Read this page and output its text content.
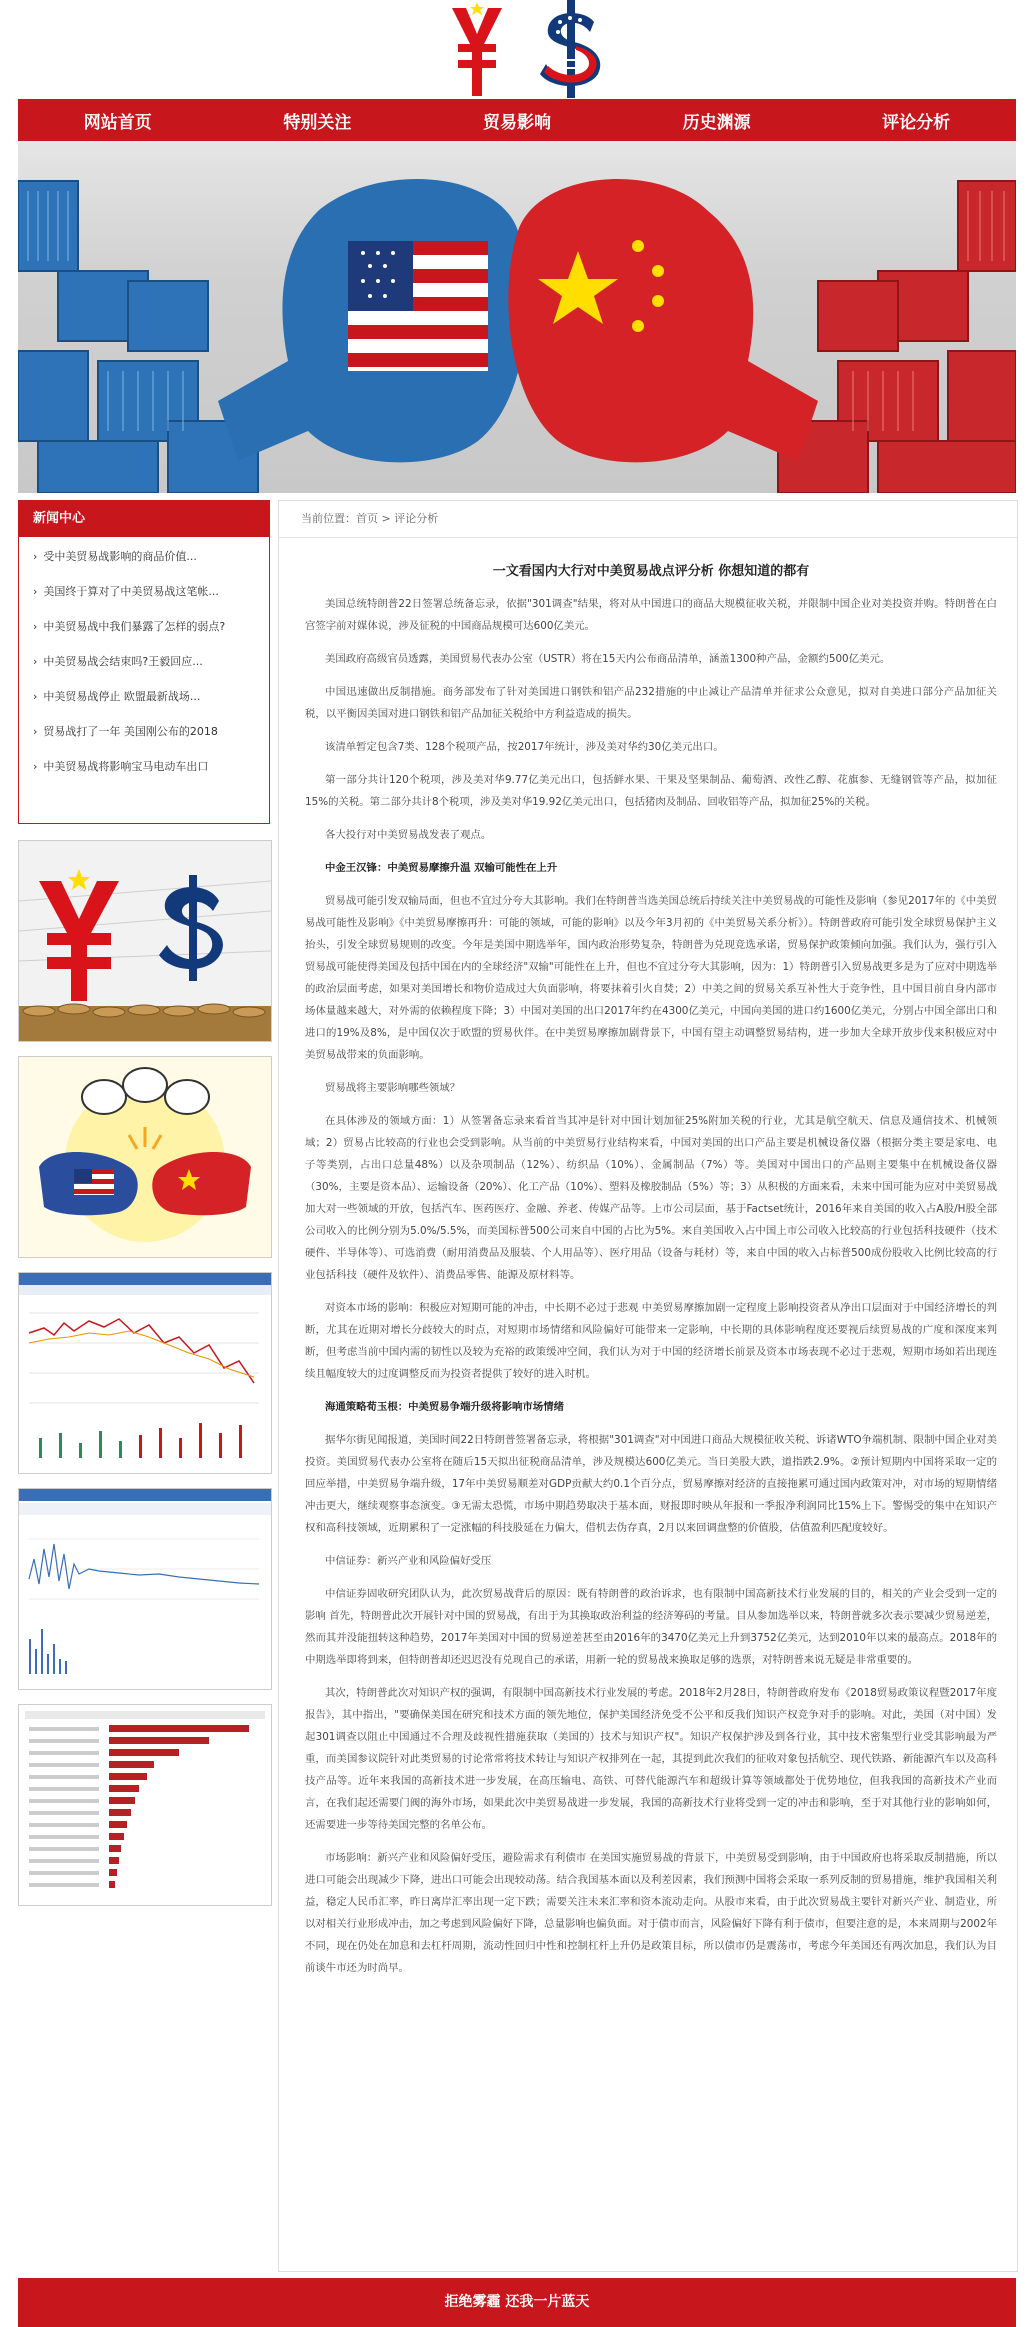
网站首页	特别关注	贸易影响	历史渊源	评论分析
新闻中心
› 受中美贸易战影响的商品价值...
› 美国终于算对了中美贸易战这笔帐...
› 中美贸易战中我们暴露了怎样的弱点?
› 中美贸易战会结束吗?王毅回应...
› 中美贸易战停止 欧盟最新战场...
› 贸易战打了一年 美国刚公布的2018
› 中美贸易战将影响宝马电动车出口
当前位置：首页 > 评论分析
一文看国内大行对中美贸易战点评分析 你想知道的都有

美国总统特朗普22日签署总统备忘录，依据"301调查"结果，将对从中国进口的商品大规模征收关税，并限制中国企业对美投资并购。特朗普在白宫签字前对媒体说，涉及征税的中国商品规模可达600亿美元。

美国政府高级官员透露，美国贸易代表办公室（USTR）将在15天内公布商品清单，涵盖1300种产品，金额约500亿美元。

中国迅速做出反制措施。商务部发布了针对美国进口钢铁和铝产品232措施的中止减让产品清单并征求公众意见，拟对自美进口部分产品加征关税，以平衡因美国对进口钢铁和铝产品加征关税给中方利益造成的损失。

该清单暂定包含7类、128个税项产品，按2017年统计，涉及美对华约30亿美元出口。

第一部分共计120个税项，涉及美对华9.77亿美元出口，包括鲜水果、干果及坚果制品、葡萄酒、改性乙醇、花旗参、无缝钢管等产品，拟加征15%的关税。第二部分共计8个税项，涉及美对华19.92亿美元出口，包括猪肉及制品、回收铝等产品，拟加征25%的关税。

各大投行对中美贸易战发表了观点。

中金王汉锋：中美贸易摩擦升温 双输可能性在上升

贸易战可能引发双输局面，但也不宜过分夸大其影响。我们在特朗普当选美国总统后持续关注中美贸易战的可能性及影响（参见2017年的《中美贸易战可能性及影响》《中美贸易摩擦再升：可能的领域，可能的影响》以及今年3月初的《中美贸易关系分析》）。特朗普政府可能引发全球贸易保护主义抬头，引发全球贸易规则的改变。今年是美国中期选举年，国内政治形势复杂，特朗普为兑现竞选承诺，贸易保护政策倾向加强。我们认为，强行引入贸易战可能使得美国及包括中国在内的全球经济"双输"可能性在上升，但也不宜过分夸大其影响，因为：1）特朗普引入贸易战更多是为了应对中期选举的政治层面考虑，如果对美国增长和物价造成过大负面影响，将要抹着引火自焚；2）中美之间的贸易关系互补性大于竞争性，且中国目前自身内部市场体量越来越大，对外需的依赖程度下降；3）中国对美国的出口2017年约在4300亿美元，中国向美国的进口约1600亿美元，分别占中国全部出口和进口的19%及8%，是中国仅次于欧盟的贸易伙伴。在中美贸易摩擦加剧背景下，中国有望主动调整贸易结构，进一步加大全球开放步伐来积极应对中美贸易战带来的负面影响。

贸易战将主要影响哪些领域？

在具体涉及的领域方面：1）从签署备忘录来看首当其冲是针对中国计划加征25%附加关税的行业，尤其是航空航天、信息及通信技术、机械领域；2）贸易占比较高的行业也会受到影响。从当前的中美贸易行业结构来看，中国对美国的出口产品主要是机械设备仪器（根据分类主要是家电、电子等类别，占出口总量48%）以及杂项制品（12%）、纺织品（10%）、金属制品（7%）等。美国对中国出口的产品则主要集中在机械设备仪器（30%，主要是资本品）、运输设备（20%）、化工产品（10%）、塑料及橡胶制品（5%）等；3）从积极的方面来看，未来中国可能为应对中美贸易战加大对一些领域的开放，包括汽车、医药医疗、金融、养老、传媒产品等。上市公司层面，基于Factset统计，2016年来自美国的收入占A股/H股全部公司收入的比例分别为5.0%/5.5%，而美国标普500公司来自中国的占比为5%。来自美国收入占中国上市公司收入比较高的行业包括科技硬件（技术硬件、半导体等）、可选消费（耐用消费品及服装、个人用品等）、医疗用品（设备与耗材）等，来自中国的收入占标普500成份股收入比例比较高的行业包括科技（硬件及软件）、消费品零售、能源及原材料等。

对资本市场的影响：积极应对短期可能的冲击，中长期不必过于悲观 中美贸易摩擦加剧一定程度上影响投资者从净出口层面对于中国经济增长的判断，尤其在近期对增长分歧较大的时点，对短期市场情绪和风险偏好可能带来一定影响，中长期的具体影响程度还要视后续贸易战的广度和深度来判断，但考虑当前中国内需的韧性以及较为充裕的政策缓冲空间，我们认为对于中国的经济增长前景及资本市场表现不必过于悲观，短期市场如若出现连续且幅度较大的过度调整反而为投资者提供了较好的进入时机。

海通策略荀玉根：中美贸易争端升级将影响市场情绪

据华尔街见闻报道，美国时间22日特朗普签署备忘录，将根据"301调查"对中国进口商品大规模征收关税、诉诸WTO争端机制、限制中国企业对美投资。美国贸易代表办公室将在随后15天拟出征税商品清单，涉及规模达600亿美元。当日美股大跌，道指跌2.9%。②预计短期内中国将采取一定的回应举措，中美贸易争端升级，17年中美贸易顺差对GDP贡献大约0.1个百分点，贸易摩擦对经济的直接拖累可通过国内政策对冲，对市场的短期情绪冲击更大，继续观察事态演变。③无需太恐慌，市场中期趋势取决于基本面，财报即时映从年报和一季报净利润同比15%上下。警惕受的集中在知识产权和高科技领域，近期累积了一定涨幅的科技股延在力偏大，借机去伪存真，2月以来回调盘整的价值股，估值盈利匹配度较好。

中信证券：新兴产业和风险偏好受压

中信证券固收研究团队认为，此次贸易战背后的原因：既有特朗普的政治诉求，也有限制中国高新技术行业发展的目的，相关的产业会受到一定的影响 首先，特朗普此次开展针对中国的贸易战，有出于为其换取政治利益的经济筹码的考量。目从参加选举以来，特朗普就多次表示要减少贸易逆差，然而其并没能扭转这种趋势，2017年美国对中国的贸易逆差甚至由2016年的3470亿美元上升到3752亿美元，达到2010年以来的最高点。2018年的中期选举即将到来，但特朗普却还迟迟没有兑现自己的承诺，用新一轮的贸易战来换取足够的选票，对特朗普来说无疑是非常重要的。

其次，特朗普此次对知识产权的强调，有限制中国高新技术行业发展的考虑。2018年2月28日，特朗普政府发布《2018贸易政策议程暨2017年度报告》，其中指出，"要确保美国在研究和技术方面的领先地位，保护美国经济免受不公平和反我们知识产权竞争对手的影响。对此，美国（对中国）发起301调查以阻止中国通过不合理及歧视性措施获取（美国的）技术与知识产权"。知识产权保护涉及到各行业，其中技术密集型行业受其影响最为严重，而美国参议院针对此类贸易的讨论常常将技术转让与知识产权排列在一起，其提到此次我们的征收对象包括航空、现代铁路、新能源汽车以及高科技产品等。近年来我国的高新技术进一步发展，在高压输电、高铁、可替代能源汽车和超级计算等领域都处于优势地位，但我我国的高新技术产业而言，在我们起还需要门阀的海外市场，如果此次中美贸易战进一步发展，我国的高新技术行业将受到一定的冲击和影响，至于对其他行业的影响如何，还需要进一步等待美国完整的名单公布。

市场影响：新兴产业和风险偏好受压，避险需求有利债市 在美国实施贸易战的背景下，中美贸易受到影响，由于中国政府也将采取反制措施，所以进口可能会出现减少下降，进出口可能会出现较动荡。结合我国基本面以及利差因素，我们预测中国将会采取一系列反制的贸易措施，维护我国相关利益，稳定人民币汇率，昨日离岸汇率出现一定下跌；需要关注未来汇率和资本流动走向。从股市来看，由于此次贸易战主要针对新兴产业、制造业，所以对相关行业形成冲击，加之考虑到风险偏好下降，总量影响也偏负面。对于债市而言，风险偏好下降有利于债市，但要注意的是，本来周期与2002年不同，现在仍处在加息和去杠杆周期，流动性回归中性和控制杠杆上升仍是政策目标，所以债市仍是震荡市，考虑今年美国还有两次加息，我们认为目前谈牛市还为时尚早。

拒绝雾霾 还我一片蓝天
